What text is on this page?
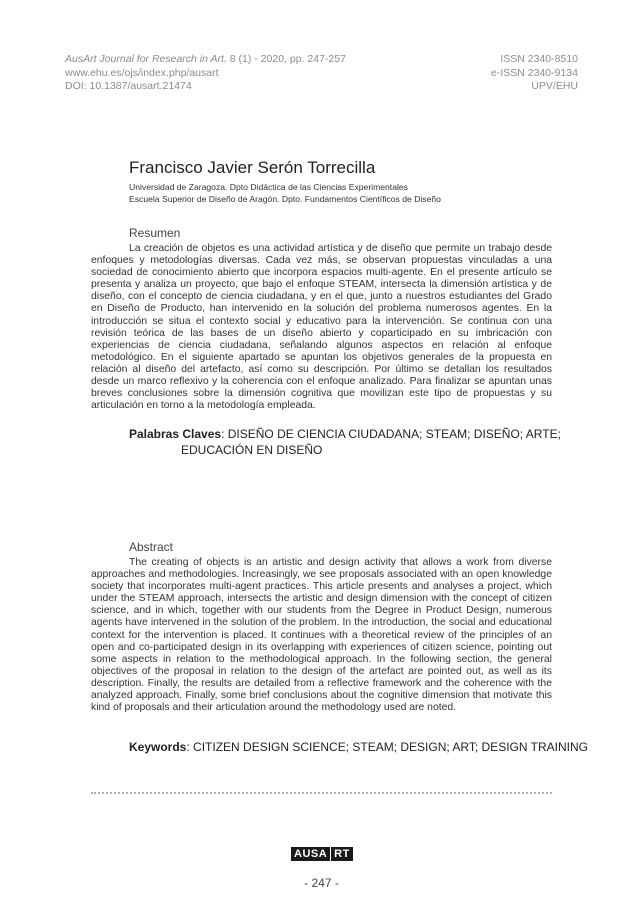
AusArt Journal for Research in Art. 8 (1) - 2020, pp. 247-257
www.ehu.es/ojs/index.php/ausart
DOI: 10.1387/ausart.21474
ISSN 2340-8510
e-ISSN 2340-9134
UPV/EHU
Francisco Javier Serón Torrecilla
Universidad de Zaragoza. Dpto Didáctica de las Ciencias Experimentales
Escuela Superior de Diseño de Aragón. Dpto. Fundamentos Científicos de Diseño
Resumen

La creación de objetos es una actividad artística y de diseño que permite un trabajo desde enfoques y metodologías diversas. Cada vez más, se observan propuestas vinculadas a una sociedad de conocimiento abierto que incorpora espacios multi-agente. En el presente artículo se presenta y analiza un proyecto, que bajo el enfoque STEAM, intersecta la dimensión artística y de diseño, con el concepto de ciencia ciudadana, y en el que, junto a nuestros estudiantes del Grado en Diseño de Producto, han intervenido en la solución del problema numerosos agentes. En la introducción se situa el contexto social y educativo para la intervención. Se continua con una revisión teórica de las bases de un diseño abierto y coparticipado en su imbricación con experiencias de ciencia ciudadana, señalando algunos aspectos en relación al enfoque metodológico. En el siguiente apartado se apuntan los objetivos generales de la propuesta en relación al diseño del artefacto, así como su descripción. Por último se detallan los resultados desde un marco reflexivo y la coherencia con el enfoque analizado. Para finalizar se apuntan unas breves conclusiones sobre la dimensión cognitiva que movilizan este tipo de propuestas y su articulación en torno a la metodología empleada.

Palabras Claves: DISEÑO DE CIENCIA CIUDADANA; STEAM; DISEÑO; ARTE; EDUCACIÓN EN DISEÑO
Abstract

The creating of objects is an artistic and design activity that allows a work from diverse approaches and methodologies. Increasingly, we see proposals associated with an open knowledge society that incorporates multi-agent practices. This article presents and analyses a project, which under the STEAM approach, intersects the artistic and design dimension with the concept of citizen science, and in which, together with our students from the Degree in Product Design, numerous agents have intervened in the solution of the problem. In the introduction, the social and educational context for the intervention is placed. It continues with a theoretical review of the principles of an open and co-participated design in its overlapping with experiences of citizen science, pointing out some aspects in relation to the methodological approach. In the following section, the general objectives of the proposal in relation to the design of the artefact are pointed out, as well as its description. Finally, the results are detailed from a reflective framework and the coherence with the analyzed approach. Finally, some brief conclusions about the cognitive dimension that motivate this kind of proposals and their articulation around the methodology used are noted.

Keywords: CITIZEN DESIGN SCIENCE; STEAM; DESIGN; ART; DESIGN TRAINING
AUSA RT
- 247 -
